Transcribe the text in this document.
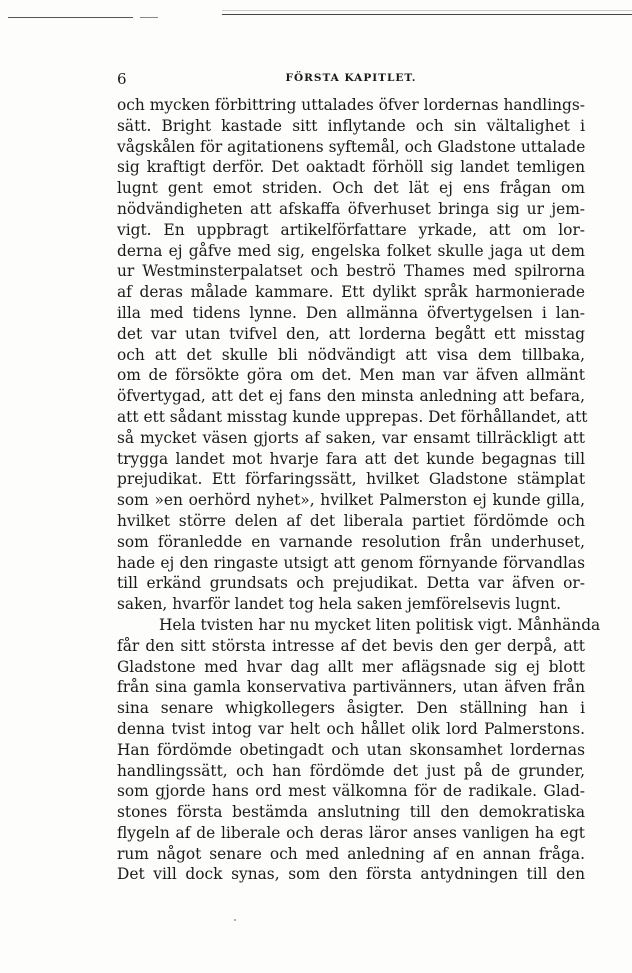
6	FÖRSTA KAPITLET.
och mycken förbittring uttalades öfver lordernas handlings-
sätt. Bright kastade sitt inflytande och sin vältalighet i
vågskålen för agitationens syftemål, och Gladstone uttalade
sig kraftigt derför. Det oaktadt förhöll sig landet temligen
lugnt gent emot striden. Och det lät ej ens frågan om
nödvändigheten att afskaffa öfverhuset bringa sig ur jem-
vigt. En uppbragt artikelförfattare yrkade, att om lor-
derna ej gåfve med sig, engelska folket skulle jaga ut dem
ur Westminsterpalatset och beströ Thames med spilrorna
af deras målade kammare. Ett dylikt språk harmonierade
illa med tidens lynne. Den allmänna öfvertygelsen i lan-
det var utan tvifvel den, att lorderna begått ett misstag
och att det skulle bli nödvändigt att visa dem tillbaka,
om de försökte göra om det. Men man var äfven allmänt
öfvertygad, att det ej fans den minsta anledning att befara,
att ett sådant misstag kunde upprepas. Det förhållandet, att
så mycket väsen gjorts af saken, var ensamt tillräckligt att
trygga landet mot hvarje fara att det kunde begagnas till
prejudikat. Ett förfaringssätt, hvilket Gladstone stämplat
som »en oerhörd nyhet», hvilket Palmerston ej kunde gilla,
hvilket större delen af det liberala partiet fördömde och
som föranledde en varnande resolution från underhuset,
hade ej den ringaste utsigt att genom förnyande förvandlas
till erkänd grundsats och prejudikat. Detta var äfven or-
saken, hvarför landet tog hela saken jemförelsevis lugnt.
Hela tvisten har nu mycket liten politisk vigt. Månhända
får den sitt största intresse af det bevis den ger derpå, att
Gladstone med hvar dag allt mer aflägsnade sig ej blott
från sina gamla konservativa partivänners, utan äfven från
sina senare whigkollegers åsigter. Den ställning han i
denna tvist intog var helt och hållet olik lord Palmerstons.
Han fördömde obetingadt och utan skonsamhet lordernas
handlingssätt, och han fördömde det just på de grunder,
som gjorde hans ord mest välkomna för de radikale. Glad-
stones första bestämda anslutning till den demokratiska
flygeln af de liberale och deras läror anses vanligen ha egt
rum något senare och med anledning af en annan fråga.
Det vill dock synas, som den första antydningen till den
